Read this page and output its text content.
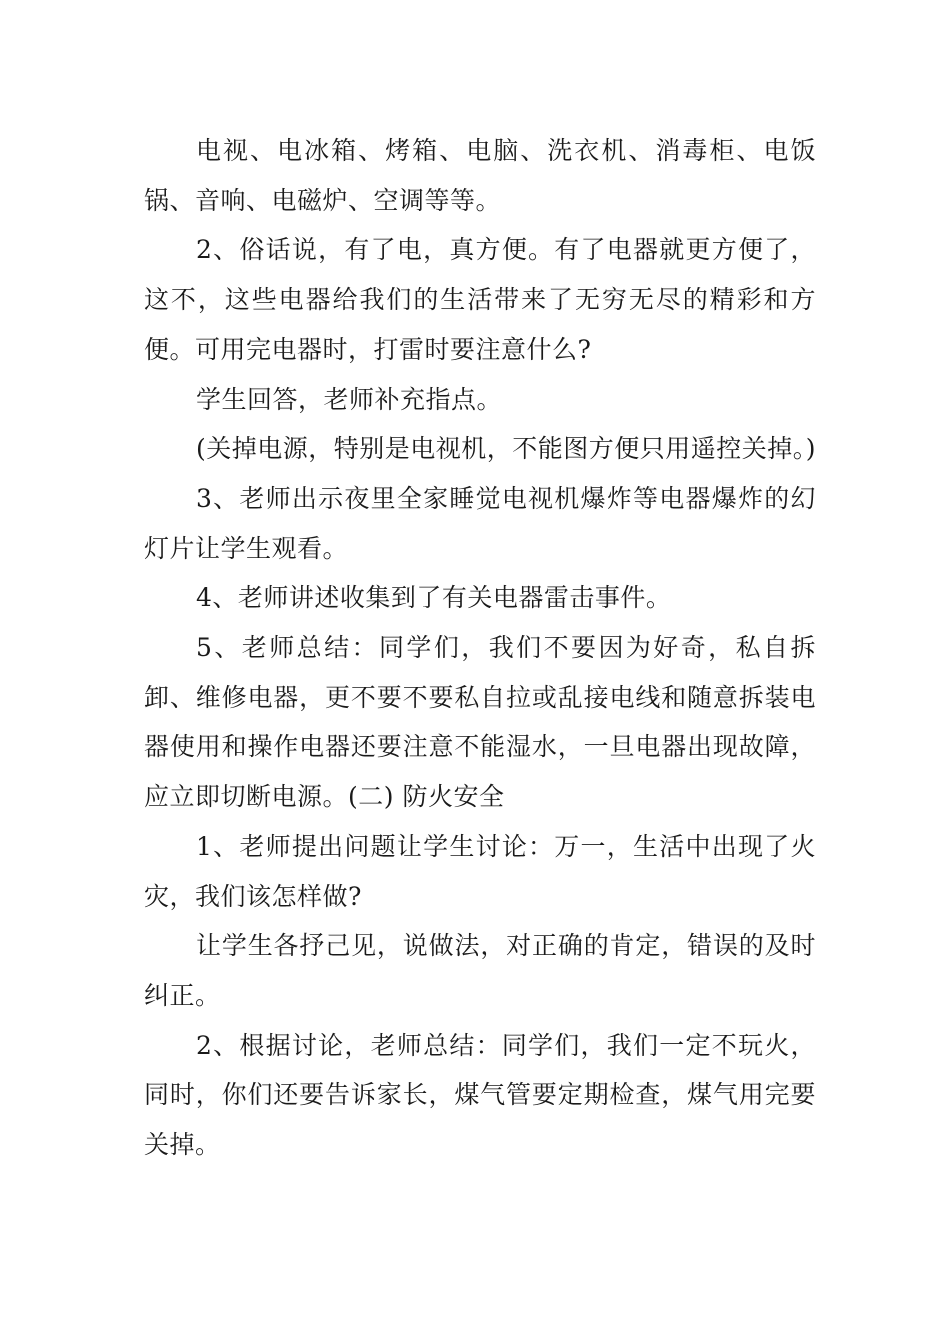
电视、电冰箱、烤箱、电脑、洗衣机、消毒柜、电饭锅、音响、电磁炉、空调等等。

2、俗话说，有了电，真方便。有了电器就更方便了，这不，这些电器给我们的生活带来了无穷无尽的精彩和方便。可用完电器时，打雷时要注意什么?

学生回答，老师补充指点。

(关掉电源，特别是电视机，不能图方便只用遥控关掉。)

3、老师出示夜里全家睡觉电视机爆炸等电器爆炸的幻灯片让学生观看。

4、老师讲述收集到了有关电器雷击事件。

5、老师总结：同学们，我们不要因为好奇，私自拆卸、维修电器，更不要不要私自拉或乱接电线和随意拆装电器使用和操作电器还要注意不能湿水，一旦电器出现故障，应立即切断电源。(二) 防火安全

1、老师提出问题让学生讨论：万一，生活中出现了火灾，我们该怎样做?

让学生各抒己见，说做法，对正确的肯定，错误的及时纠正。

2、根据讨论，老师总结：同学们，我们一定不玩火，同时，你们还要告诉家长，煤气管要定期检查，煤气用完要关掉。
